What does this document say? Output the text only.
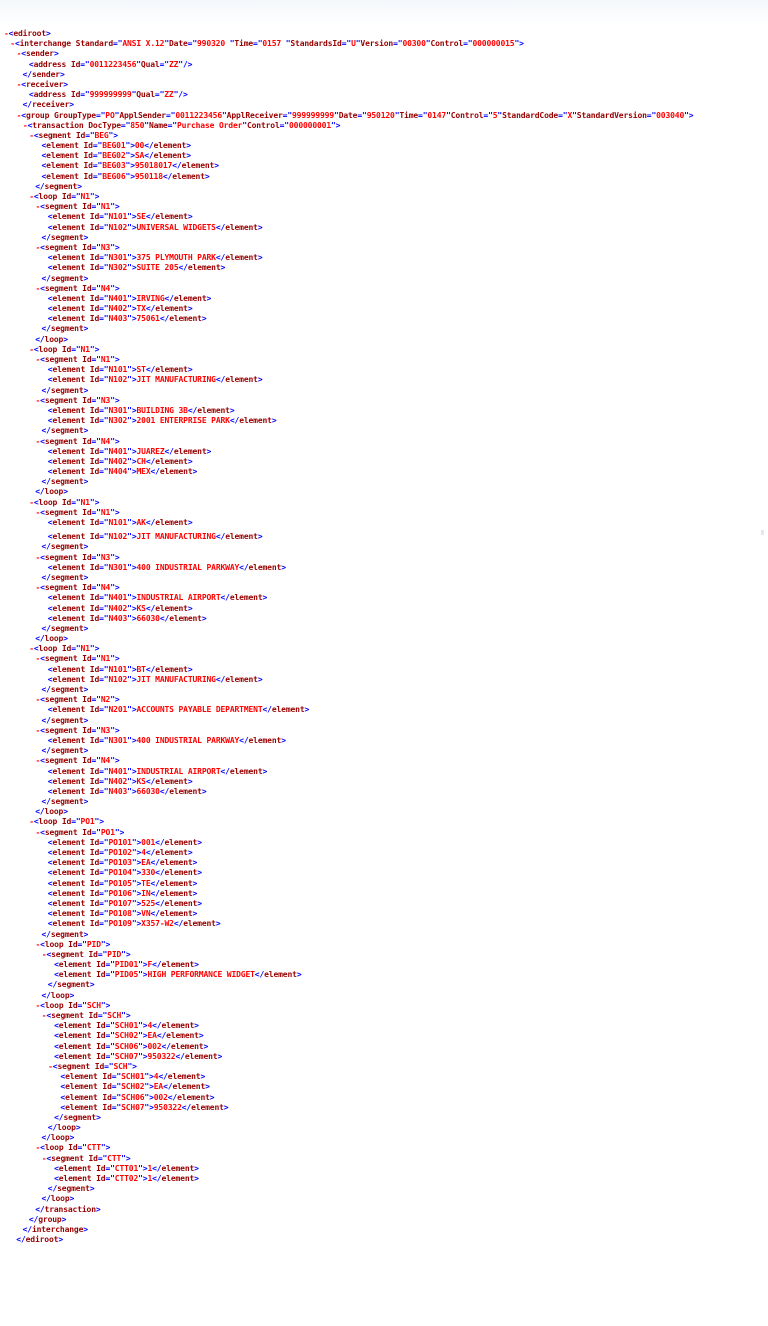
-<ediroot>
-<interchange Standard="ANSI X.12"Date="990320 "Time="0157 "StandardsId="U"Version="00300"Control="000000015">
-<sender>
<address Id="0011223456"Qual="ZZ"/>
</sender>
-<receiver>
<address Id="999999999"Qual="ZZ"/>
</receiver>
-<group GroupType="PO"ApplSender="0011223456"ApplReceiver="999999999"Date="950120"Time="0147"Control="5"StandardCode="X"StandardVersion="003040">
-<transaction DocType="850"Name="Purchase Order"Control="000000001">
-<segment Id="BEG">
<element Id="BEG01">00</element>
<element Id="BEG02">SA</element>
<element Id="BEG03">95018017</element>
<element Id="BEG06">950118</element>
</segment>
-<loop Id="N1">
-<segment Id="N1">
<element Id="N101">SE</element>
<element Id="N102">UNIVERSAL WIDGETS</element>
</segment>
-<segment Id="N3">
<element Id="N301">375 PLYMOUTH PARK</element>
<element Id="N302">SUITE 205</element>
</segment>
-<segment Id="N4">
<element Id="N401">IRVING</element>
<element Id="N402">TX</element>
<element Id="N403">75061</element>
</segment>
</loop>
-<loop Id="N1">
-<segment Id="N1">
<element Id="N101">ST</element>
<element Id="N102">JIT MANUFACTURING</element>
</segment>
-<segment Id="N3">
<element Id="N301">BUILDING 3B</element>
<element Id="N302">2001 ENTERPRISE PARK</element>
</segment>
-<segment Id="N4">
<element Id="N401">JUAREZ</element>
<element Id="N402">CH</element>
<element Id="N404">MEX</element>
</segment>
</loop>
-<loop Id="N1">
-<segment Id="N1">
<element Id="N101">AK</element>
<element Id="N102">JIT MANUFACTURING</element>
</segment>
-<segment Id="N3">
<element Id="N301">400 INDUSTRIAL PARKWAY</element>
</segment>
-<segment Id="N4">
<element Id="N401">INDUSTRIAL AIRPORT</element>
<element Id="N402">KS</element>
<element Id="N403">66030</element>
</segment>
</loop>
-<loop Id="N1">
-<segment Id="N1">
<element Id="N101">BT</element>
<element Id="N102">JIT MANUFACTURING</element>
</segment>
-<segment Id="N2">
<element Id="N201">ACCOUNTS PAYABLE DEPARTMENT</element>
</segment>
-<segment Id="N3">
<element Id="N301">400 INDUSTRIAL PARKWAY</element>
</segment>
-<segment Id="N4">
<element Id="N401">INDUSTRIAL AIRPORT</element>
<element Id="N402">KS</element>
<element Id="N403">66030</element>
</segment>
</loop>
-<loop Id="PO1">
-<segment Id="PO1">
<element Id="PO101">001</element>
<element Id="PO102">4</element>
<element Id="PO103">EA</element>
<element Id="PO104">330</element>
<element Id="PO105">TE</element>
<element Id="PO106">IN</element>
<element Id="PO107">525</element>
<element Id="PO108">VN</element>
<element Id="PO109">X357-W2</element>
</segment>
-<loop Id="PID">
-<segment Id="PID">
<element Id="PID01">F</element>
<element Id="PID05">HIGH PERFORMANCE WIDGET</element>
</segment>
</loop>
-<loop Id="SCH">
-<segment Id="SCH">
<element Id="SCH01">4</element>
<element Id="SCH02">EA</element>
<element Id="SCH06">002</element>
<element Id="SCH07">950322</element>
-<segment Id="SCH">
<element Id="SCH01">4</element>
<element Id="SCH02">EA</element>
<element Id="SCH06">002</element>
<element Id="SCH07">950322</element>
</segment>
</loop>
</loop>
-<loop Id="CTT">
-<segment Id="CTT">
<element Id="CTT01">1</element>
<element Id="CTT02">1</element>
</segment>
</loop>
</transaction>
</group>
</interchange>
</ediroot>
